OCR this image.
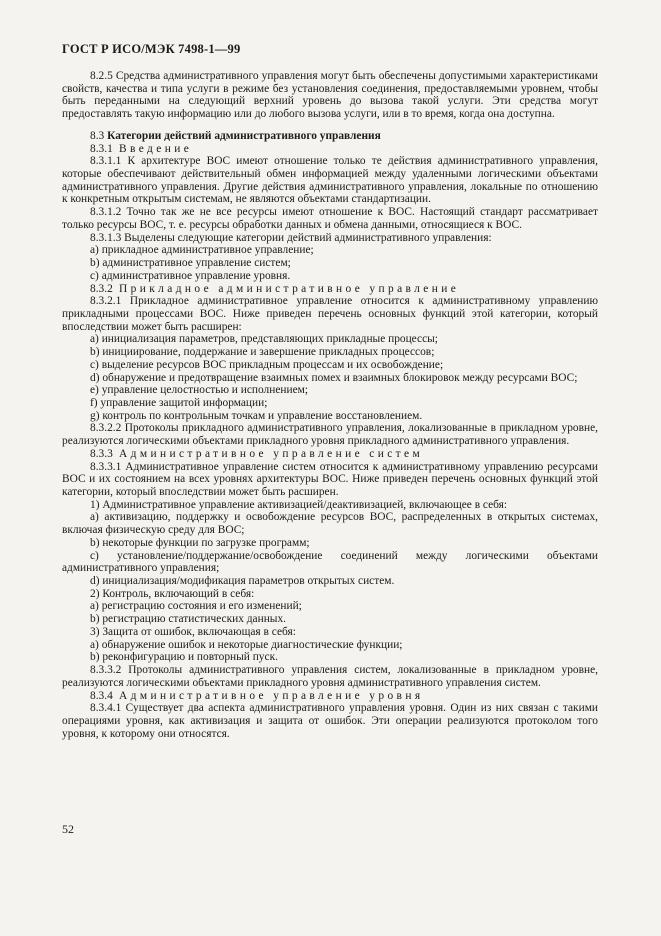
ГОСТ Р ИСО/МЭК 7498-1—99

8.2.5 Средства административного управления могут быть обеспечены допустимыми характеристиками свойств, качества и типа услуги в режиме без установления соединения, предоставляемыми уровнем, чтобы быть переданными на следующий верхний уровень до вызова такой услуги. Эти средства могут предоставлять такую информацию или до любого вызова услуги, или в то время, когда она доступна.

8.3 Категории действий административного управления

8.3.1 Введение

8.3.1.1 К архитектуре ВОС имеют отношение только те действия административного управления, которые обеспечивают действительный обмен информацией между удаленными логическими объектами административного управления. Другие действия административного управления, локальные по отношению к конкретным открытым системам, не являются объектами стандартизации.

8.3.1.2 Точно так же не все ресурсы имеют отношение к ВОС. Настоящий стандарт рассматривает только ресурсы ВОС, т. е. ресурсы обработки данных и обмена данными, относящиеся к ВОС.

8.3.1.3 Выделены следующие категории действий административного управления:

a) прикладное административное управление;

b) административное управление систем;

c) административное управление уровня.

8.3.2 Прикладное административное управление

8.3.2.1 Прикладное административное управление относится к административному управлению прикладными процессами ВОС. Ниже приведен перечень основных функций этой категории, который впоследствии может быть расширен:

a) инициализация параметров, представляющих прикладные процессы;

b) инициирование, поддержание и завершение прикладных процессов;

c) выделение ресурсов ВОС прикладным процессам и их освобождение;

d) обнаружение и предотвращение взаимных помех и взаимных блокировок между ресурсами ВОС;

e) управление целостностью и исполнением;

f) управление защитой информации;

g) контроль по контрольным точкам и управление восстановлением.

8.3.2.2 Протоколы прикладного административного управления, локализованные в прикладном уровне, реализуются логическими объектами прикладного уровня прикладного административного управления.

8.3.3 Административное управление систем

8.3.3.1 Административное управление систем относится к административному управлению ресурсами ВОС и их состоянием на всех уровнях архитектуры ВОС. Ниже приведен перечень основных функций этой категории, который впоследствии может быть расширен.

1) Административное управление активизацией/деактивизацией, включающее в себя:

a) активизацию, поддержку и освобождение ресурсов ВОС, распределенных в открытых системах, включая физическую среду для ВОС;

b) некоторые функции по загрузке программ;

c) установление/поддержание/освобождение соединений между логическими объектами административного управления;

d) инициализация/модификация параметров открытых систем.

2) Контроль, включающий в себя:

a) регистрацию состояния и его изменений;

b) регистрацию статистических данных.

3) Защита от ошибок, включающая в себя:

a) обнаружение ошибок и некоторые диагностические функции;

b) реконфигурацию и повторный пуск.

8.3.3.2 Протоколы административного управления систем, локализованные в прикладном уровне, реализуются логическими объектами прикладного уровня административного управления систем.

8.3.4 Административное управление уровня

8.3.4.1 Существует два аспекта административного управления уровня. Один из них связан с такими операциями уровня, как активизация и защита от ошибок. Эти операции реализуются протоколом того уровня, к которому они относятся.

52
